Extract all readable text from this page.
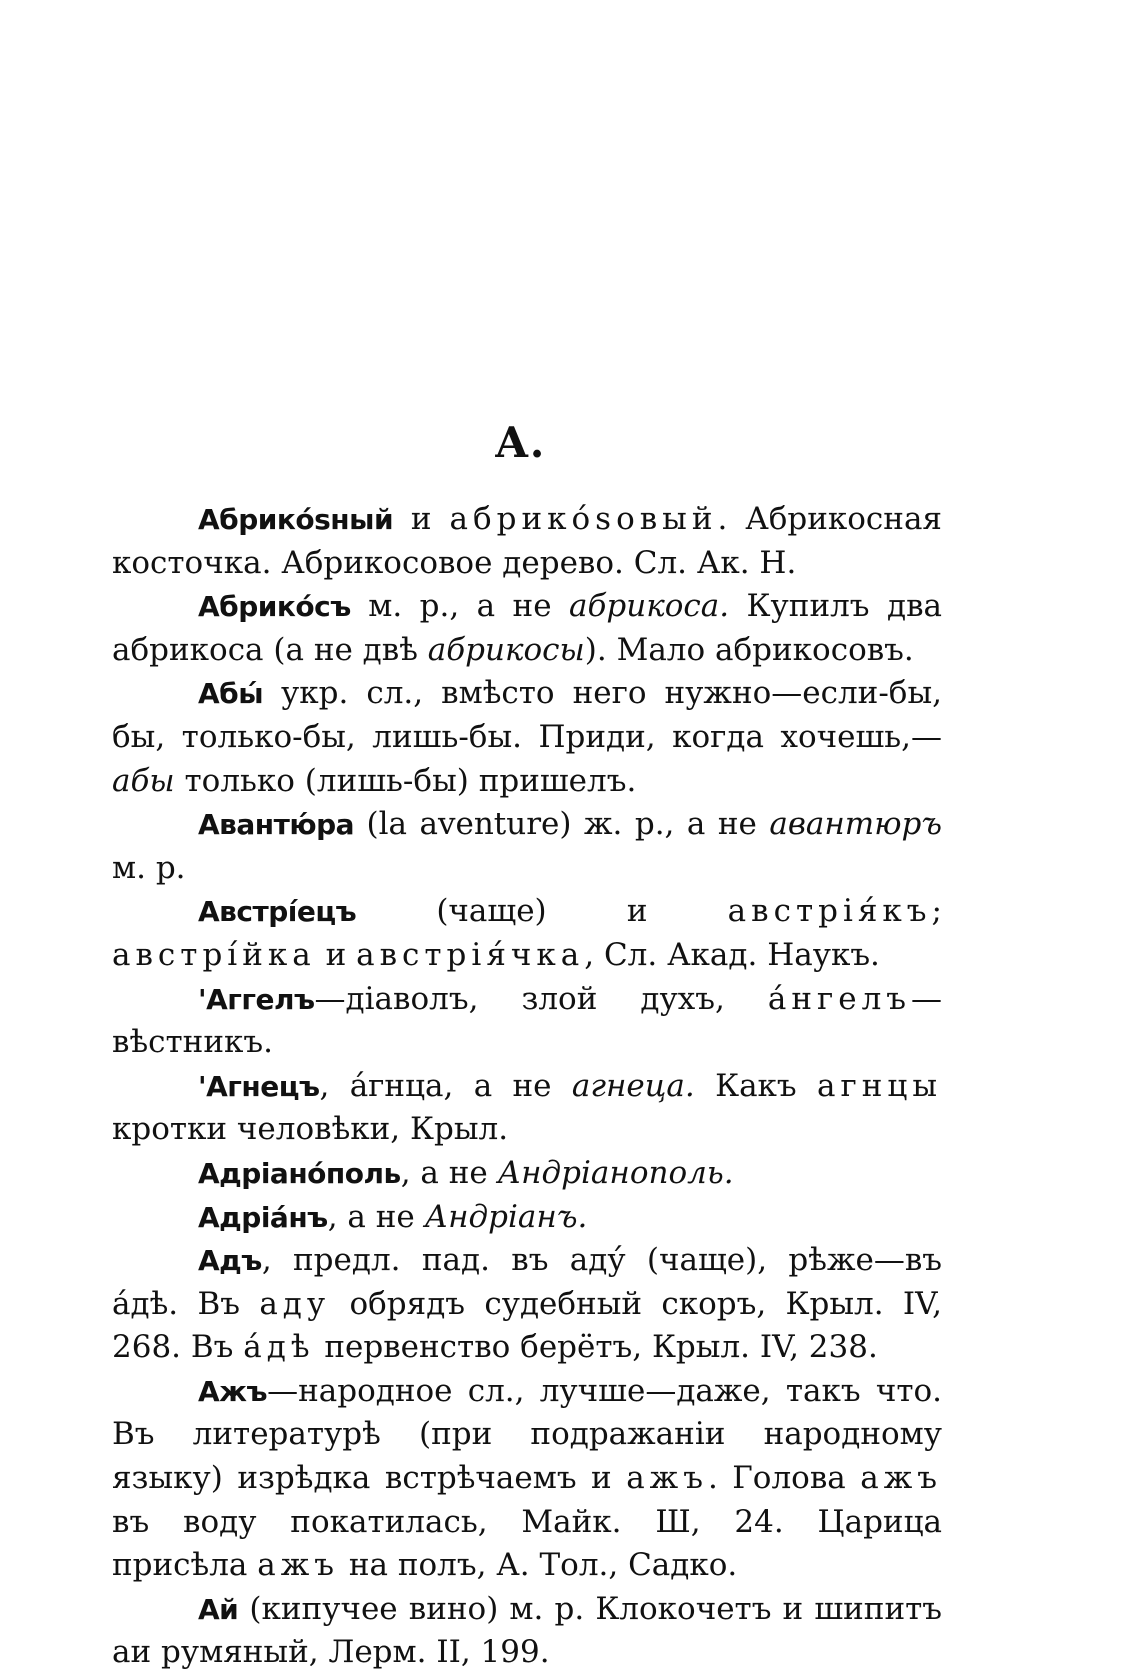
А.

Абрикósный и абрикósовый. Абрикосная косточка. Абрикосовое дерево. Сл. Ак. Н.

Абрикóсъ м. р., а не абрикоса. Купилъ два абрикоса (а не двѣ абрикосы). Мало абрикосовъ.

Абы́ укр. сл., вмѣсто него нужно—если-бы, бы, только-бы, лишь-бы. Приди, когда хочешь,— абы только (лишь-бы) пришелъ.

Авантю́ра (la aventure) ж. р., а не авантюръ м. р.

Австрі́ецъ (чаще) и австрія́къ; австрі́йка и австрія́чка, Сл. Акад. Наукъ.

'Аггелъ—діаволъ, злой духъ, а́нгелъ— вѣстникъ.

'Агнецъ, а́гнца, а не агнеца. Какъ агнцы кротки человѣки, Крыл.

Адріанóполь, а не Андріанополь.

Адріа́нъ, а не Андріанъ.

Адъ, предл. пад. въ аду́ (чаще), рѣже—въ а́дѣ. Въ аду обрядъ судебный скоръ, Крыл. IV, 268. Въ а́дѣ первенство берётъ, Крыл. IV, 238.

Ажъ—народное сл., лучше—даже, такъ что. Въ литературѣ (при подражаніи народному языку) изрѣдка встрѣчаемъ и ажъ. Голова ажъ въ воду покатилась, Майк. Ш, 24. Царица присѣла ажъ на полъ, А. Тол., Садко.

Ай (кипучее вино) м. р. Клокочетъ и шипитъ аи румяный, Лерм. II, 199.
